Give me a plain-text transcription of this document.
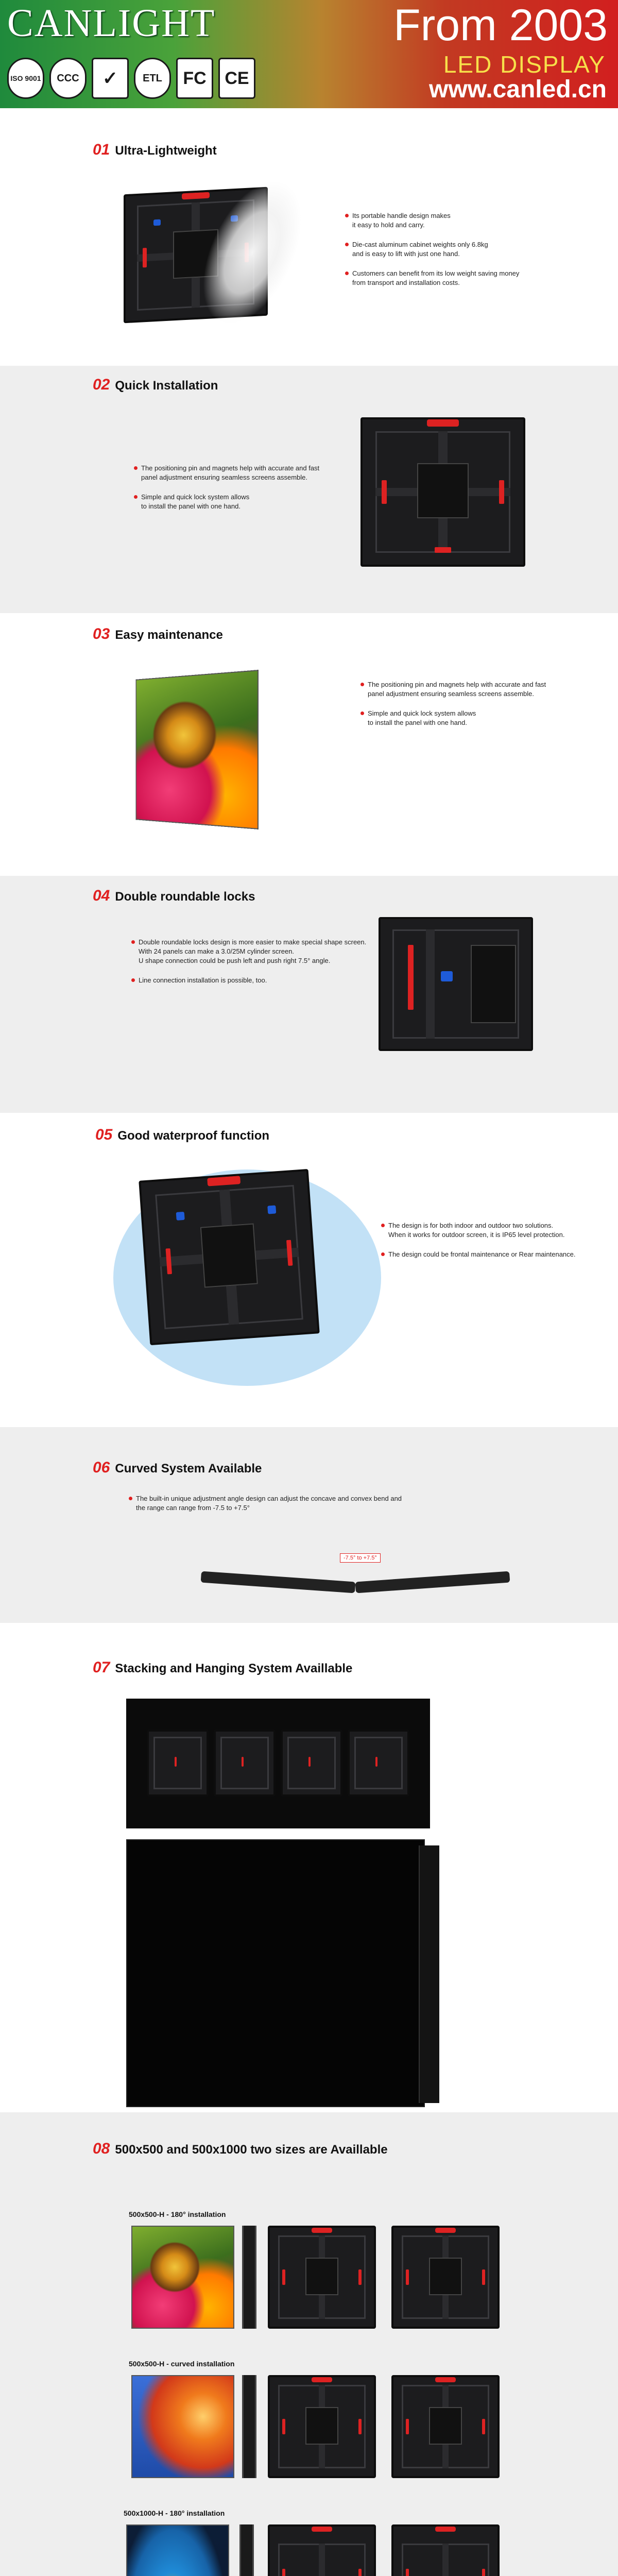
CANLIGHT	From 2003
LED DISPLAY
www.canled.cn
ISO 9001	CCC	✓	ETL	FC	CE
01 Ultra-Lightweight
Its portable handle design makes
it easy to hold and carry.
Die-cast aluminum cabinet weights only 6.8kg
and is easy to lift with just one hand.
Customers can benefit from its low weight saving money
from transport and installation costs.
02 Quick Installation
The positioning pin and magnets help with accurate and fast
panel adjustment ensuring seamless screens assemble.
Simple and quick lock system allows
to install the panel with one hand.
03 Easy maintenance
The positioning pin and magnets help with accurate and fast
panel adjustment ensuring seamless screens assemble.
Simple and quick lock system allows
to install the panel with one hand.
04 Double roundable locks
Double roundable locks design is more easier to make special shape screen.
With 24 panels can make a 3.0/25M cylinder screen.
U shape connection could be push left and push right 7.5° angle.
Line connection installation is possible, too.
05 Good waterproof function
The design is for both indoor and outdoor two solutions.
When it works for outdoor screen, it is IP65 level protection.
The design could be frontal maintenance or Rear maintenance.
06 Curved System Available
The built-in unique adjustment angle design can adjust the concave and convex bend and
the range can range from -7.5 to +7.5°
-7.5° to +7.5°
07 Stacking and Hanging System Availlable
08 500x500 and 500x1000 two sizes are Availlable
500x500-H - 180° installation
500x500-H - curved installation
500x1000-H - 180° installation
